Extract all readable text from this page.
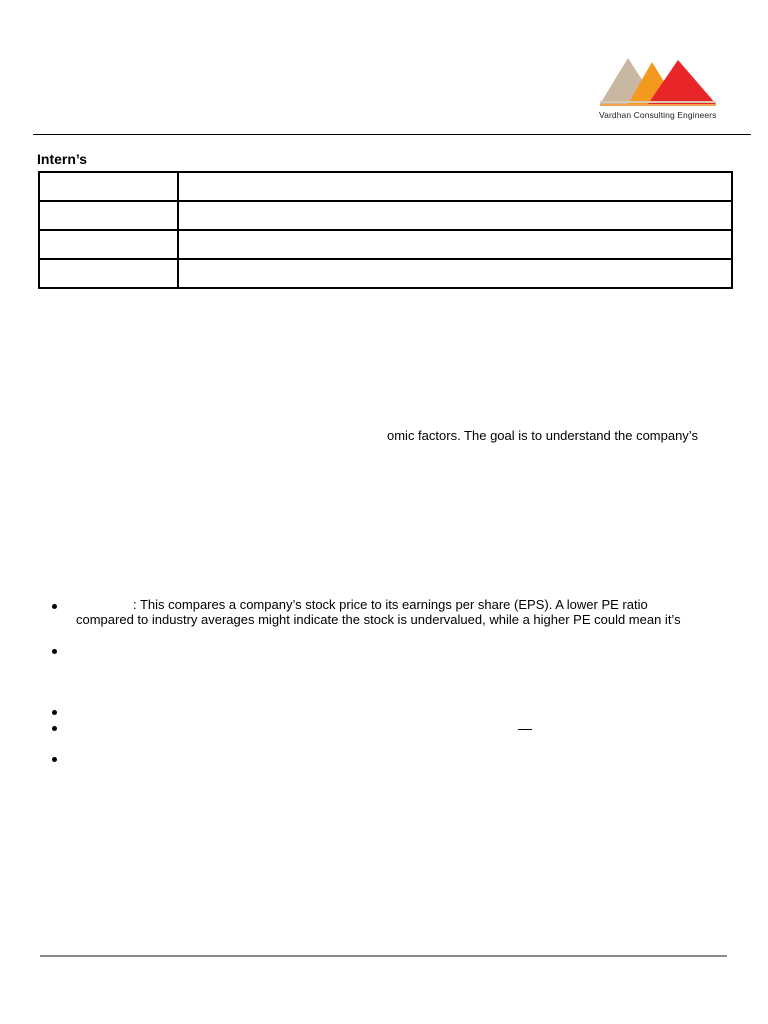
Vardhan Consulting Engineers
Intern’s

omic factors. The goal is to understand the company’s
: This compares a company’s stock price to its earnings per share (EPS). A lower PE ratio
compared to industry averages might indicate the stock is undervalued, while a higher PE could mean it’s
